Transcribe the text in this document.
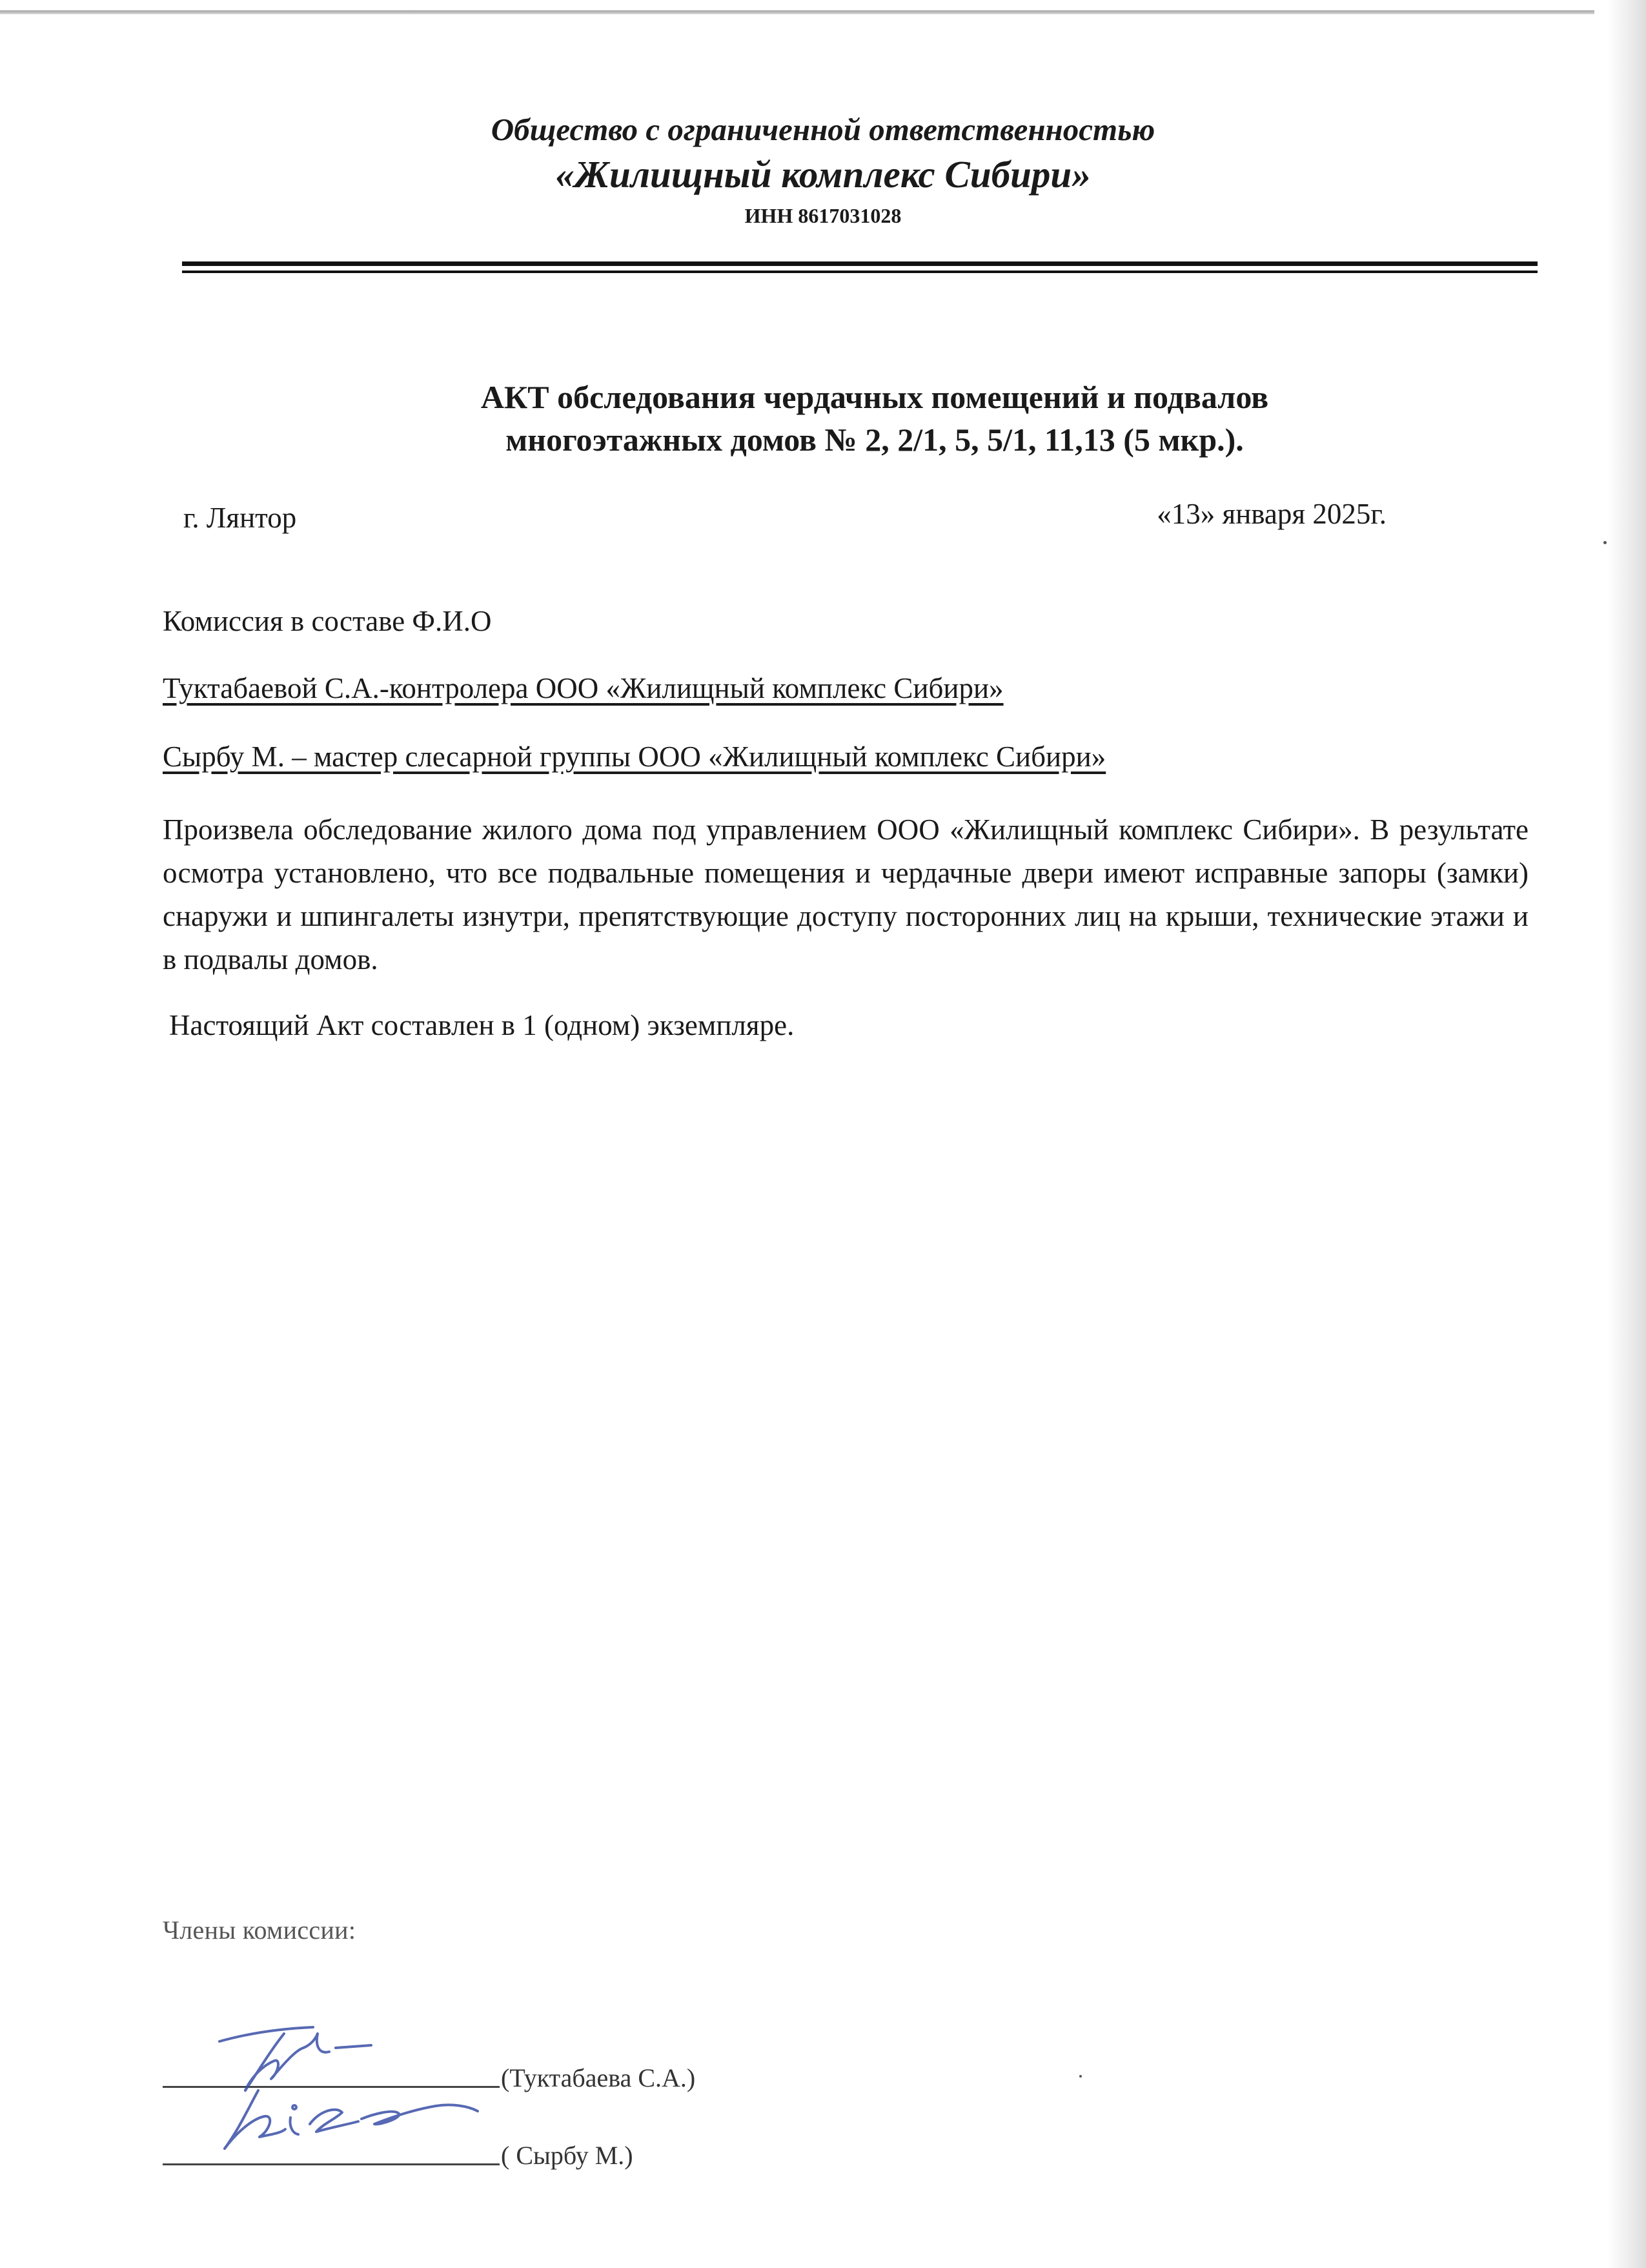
Общество с ограниченной ответственностью
«Жилищный комплекс Сибири»
ИНН 8617031028
АКТ обследования чердачных помещений и подвалов
многоэтажных домов № 2, 2/1, 5, 5/1, 11,13 (5 мкр.).
г. Лянтор	«13» января 2025г.
Комиссия в составе Ф.И.О
Туктабаевой С.А.-контролера ООО «Жилищный комплекс Сибири»
Сырбу М. – мастер слесарной группы ООО «Жилищный комплекс Сибири»
Произвела обследование жилого дома под управлением ООО «Жилищный комплекс Сибири». В результате осмотра установлено, что все подвальные помещения и чердачные двери имеют исправные запоры (замки) снаружи и шпингалеты изнутри, препятствующие доступу посторонних лиц на крыши, технические этажи и в подвалы домов.
Настоящий Акт составлен в 1 (одном) экземпляре.
Члены комиссии:
(Туктабаева С.А.)
( Сырбу М.)
